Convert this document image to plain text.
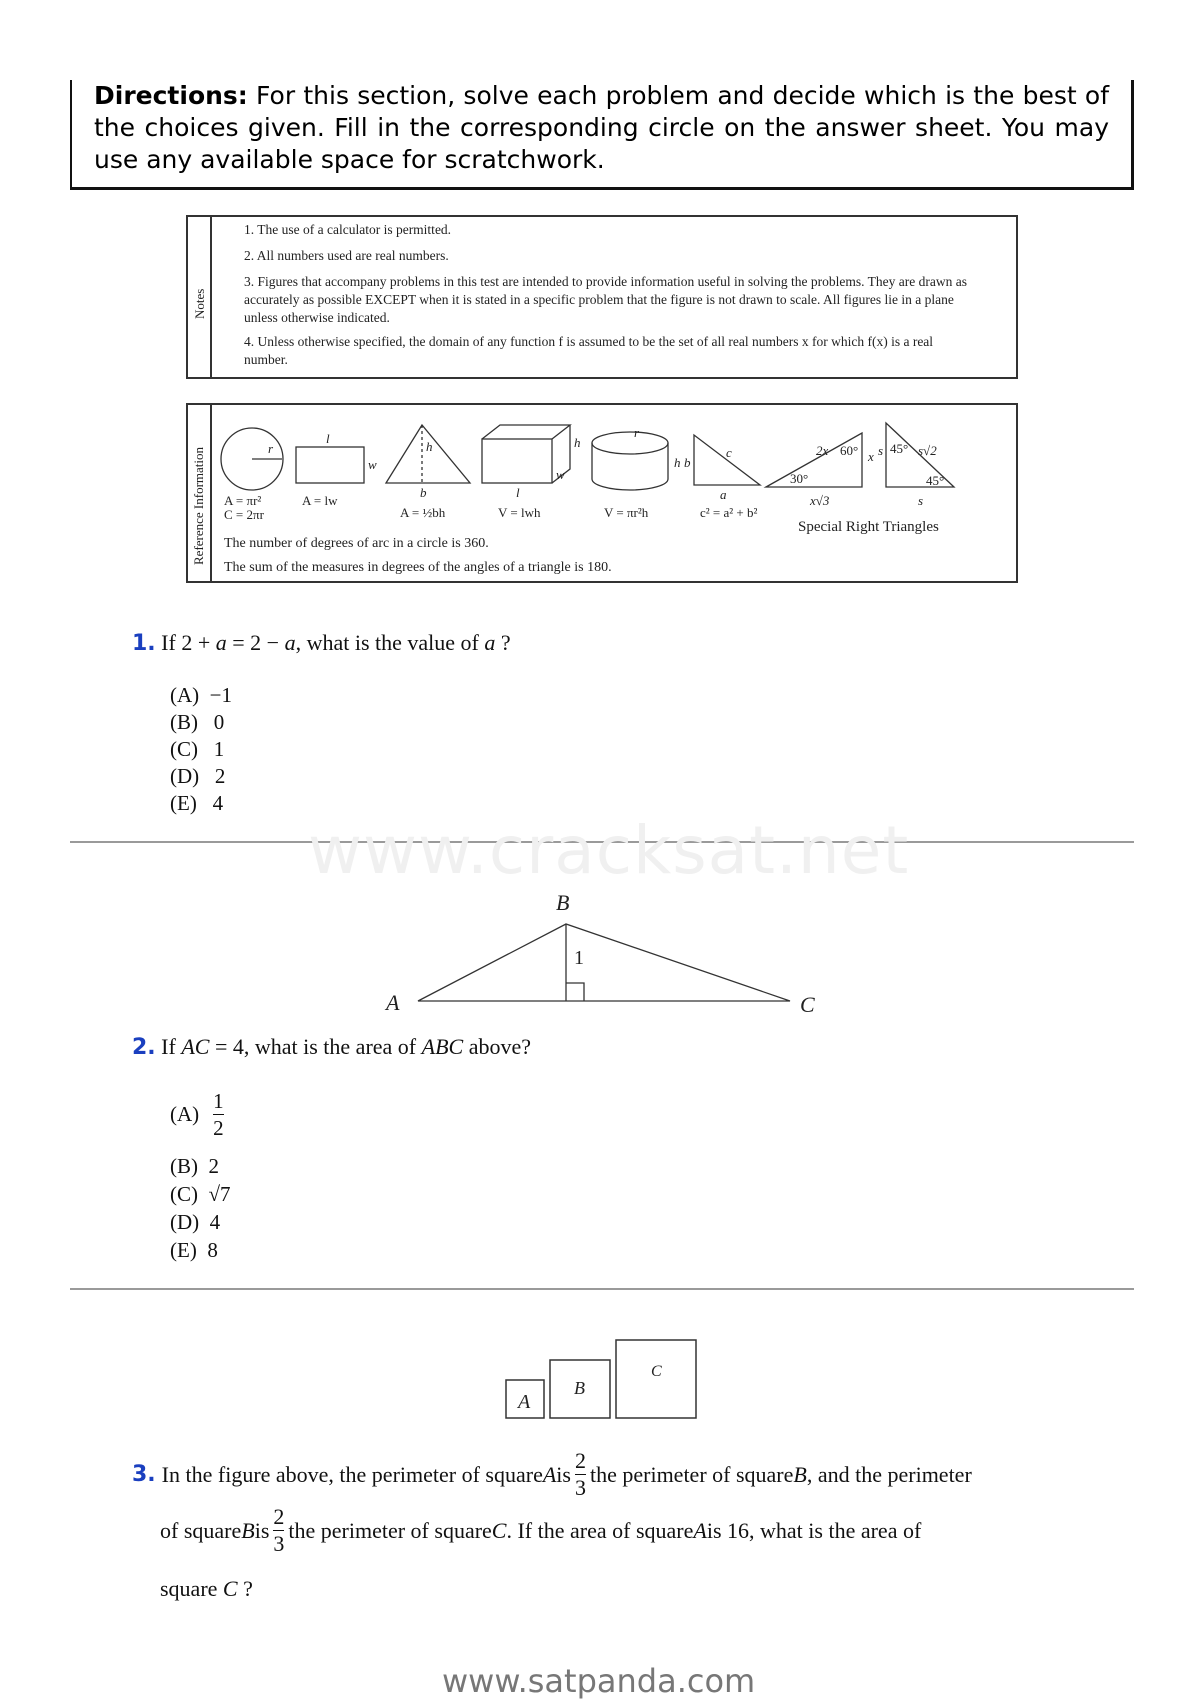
Directions: For this section, solve each problem and decide which is the best of the choices given. Fill in the corresponding circle on the answer sheet. You may use any available space for scratchwork.
Notes
1. The use of a calculator is permitted.
2. All numbers used are real numbers.
3. Figures that accompany problems in this test are intended to provide information useful in solving the problems. They are drawn as accurately as possible EXCEPT when it is stated in a specific problem that the figure is not drawn to scale. All figures lie in a plane unless otherwise indicated.
4. Unless otherwise specified, the domain of any function f is assumed to be the set of all real numbers x for which f(x) is a real number.
Reference Information	r
l
w
h
b	l
h
w
r
h b
c
a
2x 60°
30°
x
x√3
s 45° s√2
45°
s
A = πr²
C = 2πr
A = lw
A = ½bh	V = lwh	V = πr²h	c² = a² + b²
Special Right Triangles
The number of degrees of arc in a circle is 360.
The sum of the measures in degrees of the angles of a triangle is 180.
1. If 2 + a = 2 − a, what is the value of a ?
(A) −1
(B) 0
(C) 1
(D) 2
(E) 4
www.cracksat.net
B
A	C
1
2. If AC = 4, what is the area of ABC above?
$(A) \frac{1}{2}$
(B) 2
(C) √7
(D) 4
(E) 8
A
B
C
3. In the figure above, the perimeter of square A is $\frac{2}{3}$ the perimeter of square B , and the perimeter
of square B is $\frac{2}{3}$ the perimeter of square C . If the area of square A is 16, what is the area of
square C ?
www.satpanda.com
